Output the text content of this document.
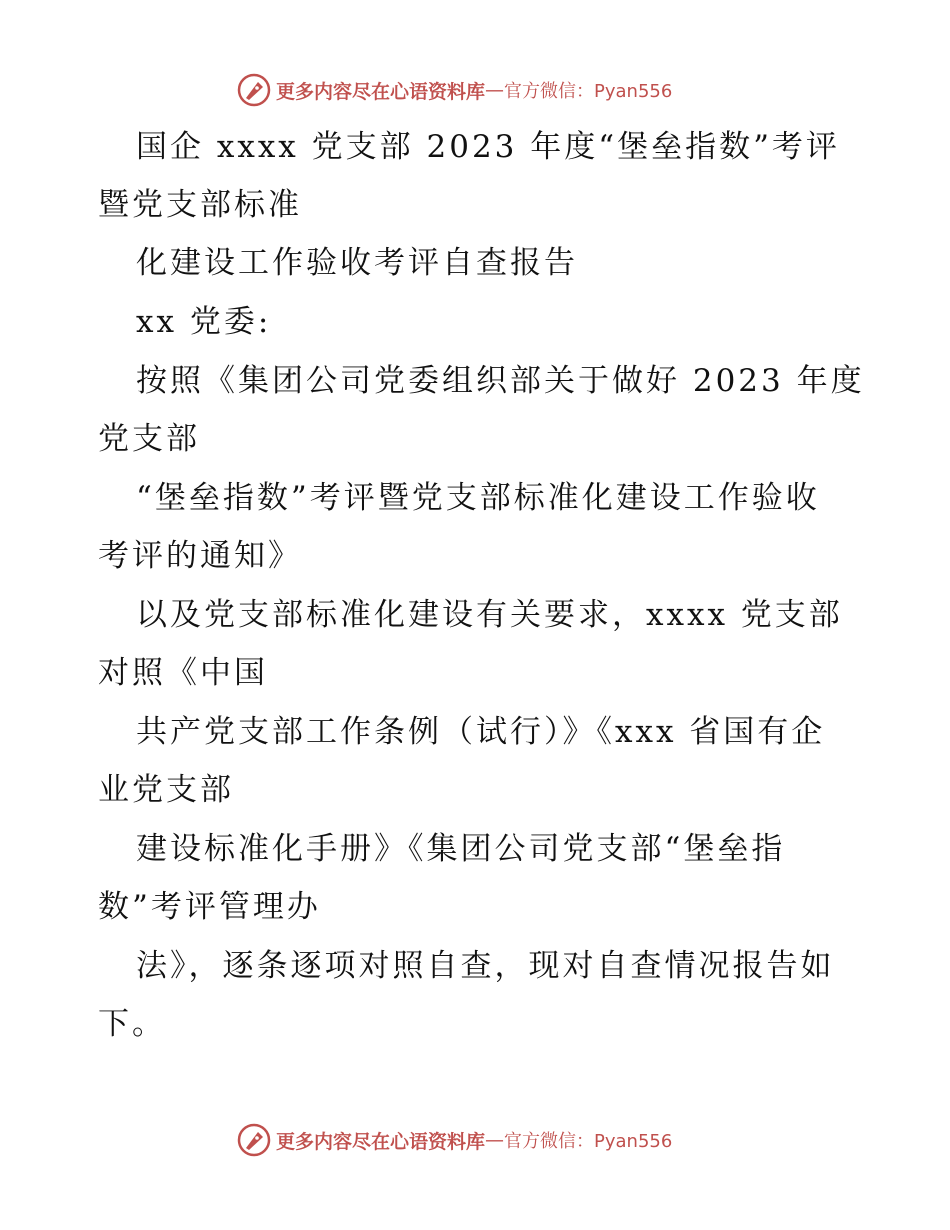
更多内容尽在心语资料库 — 官方微信：Pyan556
国企 xxxx 党支部 2023 年度“堡垒指数”考评
暨党支部标准
化建设工作验收考评自查报告
xx 党委:
按照《集团公司党委组织部关于做好 2023 年度
党支部
“堡垒指数”考评暨党支部标准化建设工作验收
考评的通知》
以及党支部标准化建设有关要求，xxxx 党支部
对照《中国
共产党支部工作条例（试行）》《xxx 省国有企
业党支部
建设标准化手册》《集团公司党支部“堡垒指
数”考评管理办
法》，逐条逐项对照自查，现对自查情况报告如
下。
更多内容尽在心语资料库 — 官方微信：Pyan556
